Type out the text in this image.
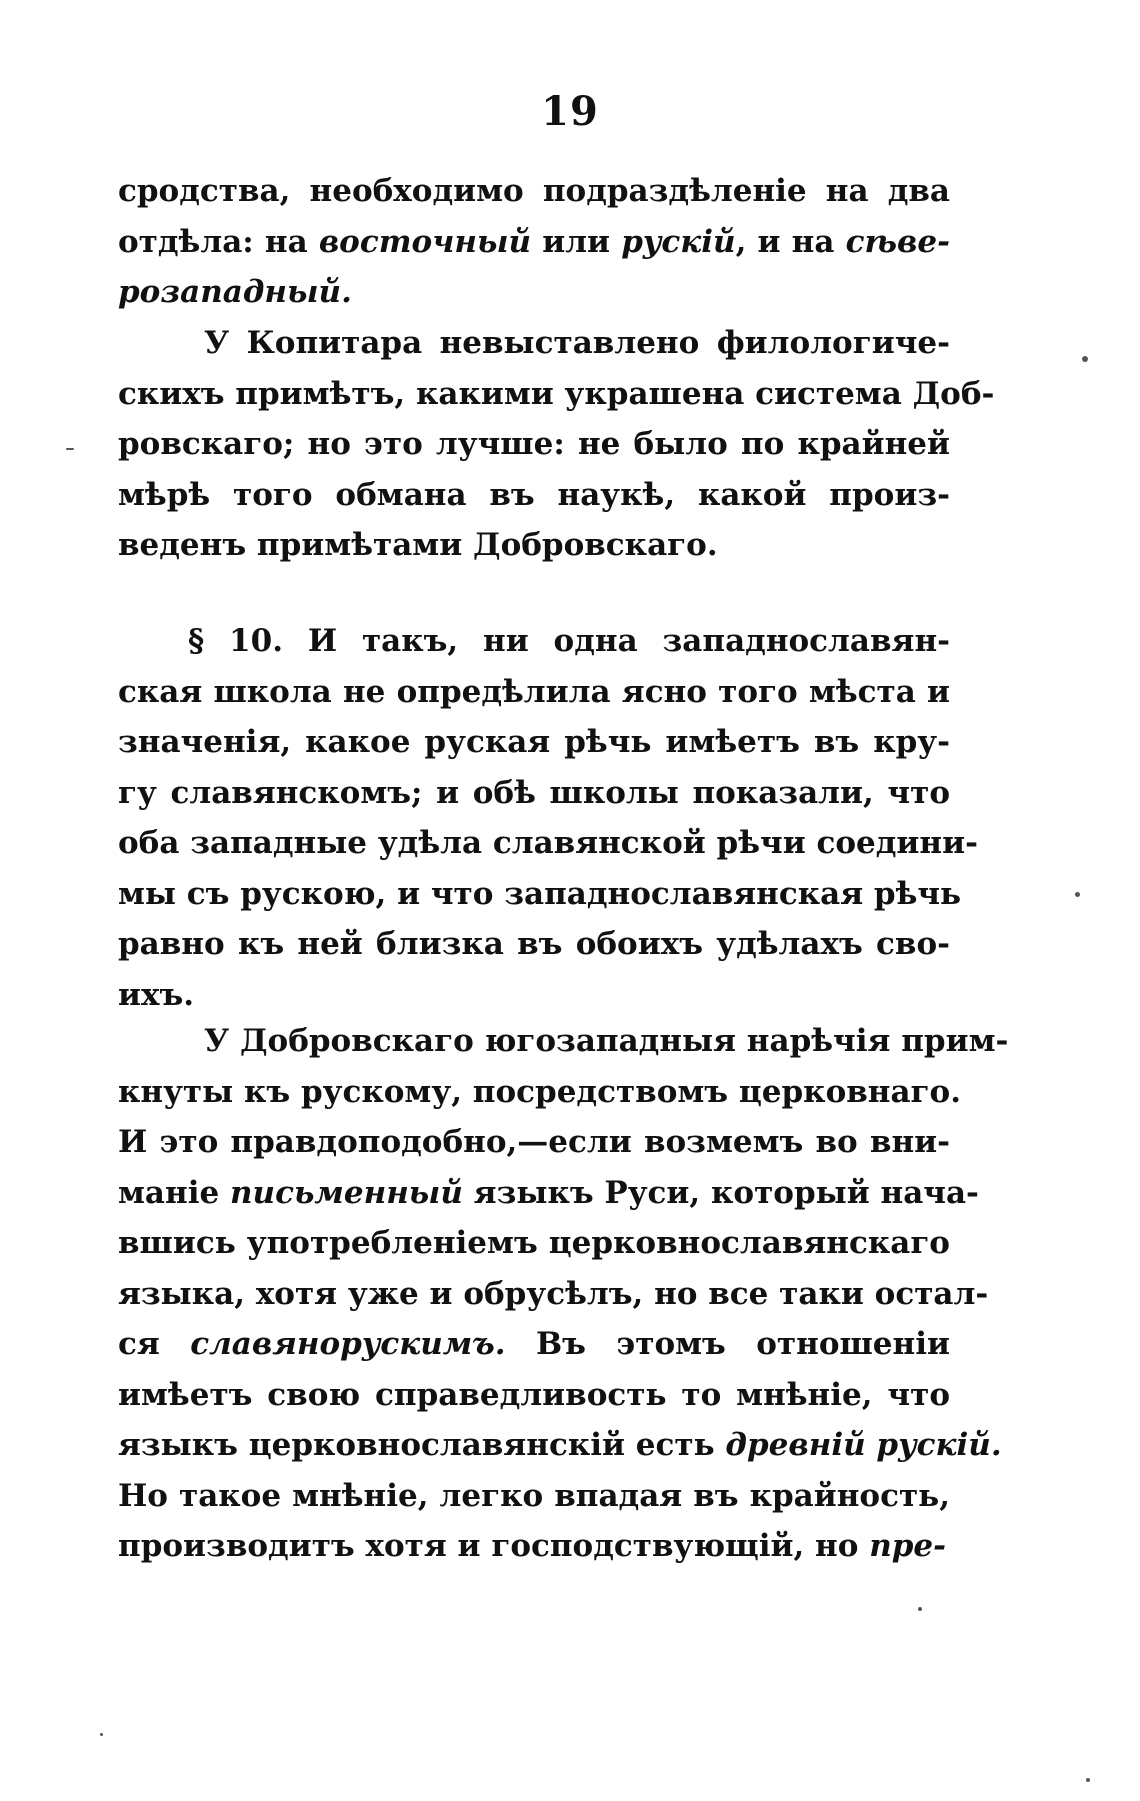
19
сродства, необходимо подраздѣленіе на два
отдѣла: на восточный или рускій, и на сѣве-
розападный.
У Копитара невыставлено филологиче-
скихъ примѣтъ, какими украшена система Доб-
ровскаго; но это лучше: не было по крайней
мѣрѣ того обмана въ наукѣ, какой произ-
веденъ примѣтами Добровскаго.
§ 10. И такъ, ни одна западнославян-
ская школа не опредѣлила ясно того мѣста и
значенія, какое руская рѣчь имѣетъ въ кру-
гу славянскомъ; и обѣ школы показали, что
оба западные удѣла славянской рѣчи соедини-
мы съ рускою, и что западнославянская рѣчь
равно къ ней близка въ обоихъ удѣлахъ сво-
ихъ.
У Добровскаго югозападныя нарѣчія прим-
кнуты къ рускому, посредствомъ церковнаго.
И это правдоподобно,—если возмемъ во вни-
маніе письменный языкъ Руси, который нача-
вшись употребленіемъ церковнославянскаго
языка, хотя уже и обрусѣлъ, но все таки остал-
ся славянорускимъ. Въ этомъ отношеніи
имѣетъ свою справедливость то мнѣніе, что
языкъ церковнославянскій есть древній рускій.
Но такое мнѣніе, легко впадая въ крайность,
производитъ хотя и господствующій, но пре-
